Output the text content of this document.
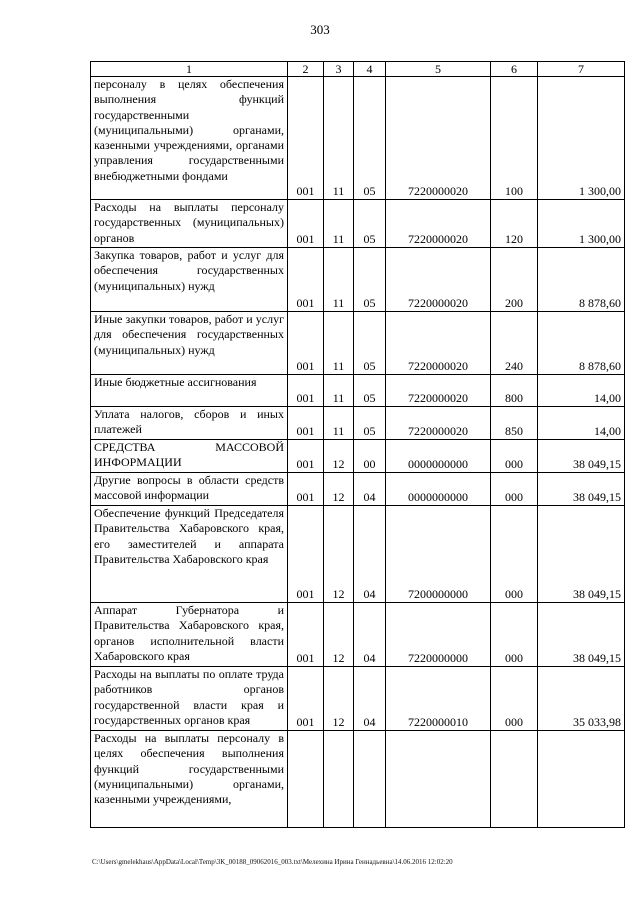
303
1	2	3	4	5	6	7
персоналу в целях обеспечения выполнения функций государственными (муниципальными) органами, казенными учреждениями, органами управления государственными внебюджетными фондами	001	11	05	7220000020	100	1 300,00
Расходы на выплаты персоналу государственных (муниципальных) органов	001	11	05	7220000020	120	1 300,00
Закупка товаров, работ и услуг для обеспечения государственных (муниципальных) нужд	001	11	05	7220000020	200	8 878,60
Иные закупки товаров, работ и услуг для обеспечения государственных (муниципальных) нужд	001	11	05	7220000020	240	8 878,60
Иные бюджетные ассигнования	001	11	05	7220000020	800	14,00
Уплата налогов, сборов и иных платежей	001	11	05	7220000020	850	14,00
СРЕДСТВА МАССОВОЙ ИНФОРМАЦИИ	001	12	00	0000000000	000	38 049,15
Другие вопросы в области средств массовой информации	001	12	04	0000000000	000	38 049,15
Обеспечение функций Председателя Правительства Хабаровского края, его заместителей и аппарата Правительства Хабаровского края	001	12	04	7200000000	000	38 049,15
Аппарат Губернатора и Правительства Хабаровского края, органов исполнительной власти Хабаровского края	001	12	04	7220000000	000	38 049,15
Расходы на выплаты по оплате труда работников органов государственной власти края и государственных органов края	001	12	04	7220000010	000	35 033,98
Расходы на выплаты персоналу в целях обеспечения выполнения функций государственными (муниципальными) органами, казенными учреждениями,						
C:\Users\gmelekhaus\AppData\Local\Temp\3K_00188_09062016_003.txt\Мелехина Ирина Геннадьевна\14.06.2016 12:02:20
